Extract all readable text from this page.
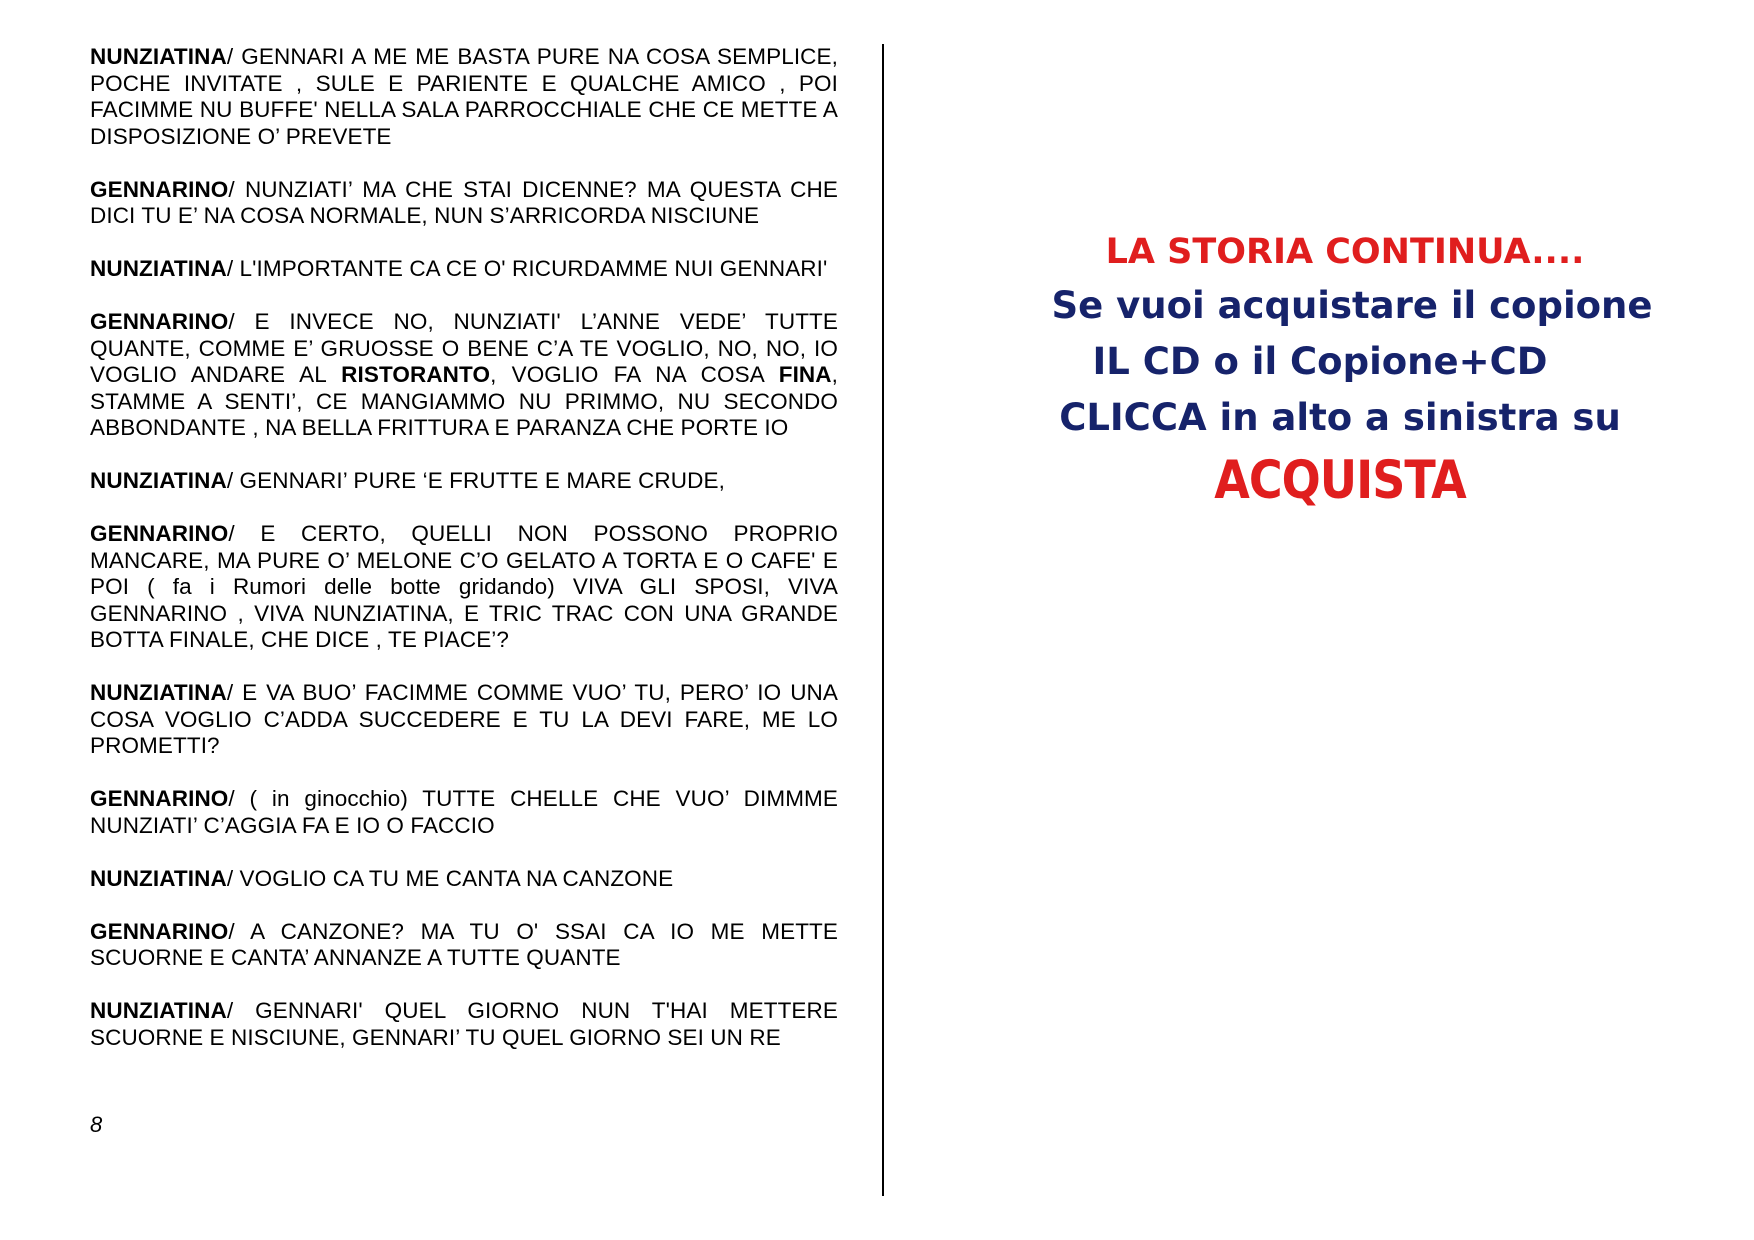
NUNZIATINA/ GENNARI A ME ME BASTA PURE NA COSA SEMPLICE, POCHE INVITATE , SULE E PARIENTE E QUALCHE AMICO , POI FACIMME NU BUFFE' NELLA SALA PARROCCHIALE CHE CE METTE A DISPOSIZIONE O’ PREVETE

GENNARINO/ NUNZIATI’ MA CHE STAI DICENNE? MA QUESTA CHE DICI TU E’ NA COSA NORMALE, NUN S’ARRICORDA NISCIUNE

NUNZIATINA/ L'IMPORTANTE CA CE O' RICURDAMME NUI GENNARI'

GENNARINO/ E INVECE NO, NUNZIATI' L’ANNE VEDE’ TUTTE QUANTE, COMME E’ GRUOSSE O BENE C’A TE VOGLIO, NO, NO, IO VOGLIO ANDARE AL RISTORANTO, VOGLIO FA NA COSA FINA, STAMME A SENTI’, CE MANGIAMMO NU PRIMMO, NU SECONDO ABBONDANTE , NA BELLA FRITTURA E PARANZA CHE PORTE IO

NUNZIATINA/ GENNARI’ PURE ‘E FRUTTE E MARE CRUDE,

GENNARINO/ E CERTO, QUELLI NON POSSONO PROPRIO MANCARE, MA PURE O’ MELONE C’O GELATO A TORTA E O CAFE' E POI ( fa i Rumori delle botte gridando) VIVA GLI SPOSI, VIVA GENNARINO , VIVA NUNZIATINA, E TRIC TRAC CON UNA GRANDE BOTTA FINALE, CHE DICE , TE PIACE’?

NUNZIATINA/ E VA BUO’ FACIMME COMME VUO’ TU, PERO’ IO UNA COSA VOGLIO C’ADDA SUCCEDERE E TU LA DEVI FARE, ME LO PROMETTI?

GENNARINO/ ( in ginocchio) TUTTE CHELLE CHE VUO’ DIMMME NUNZIATI’ C’AGGIA FA E IO O FACCIO

NUNZIATINA/ VOGLIO CA TU ME CANTA NA CANZONE

GENNARINO/ A CANZONE? MA TU O' SSAI CA IO ME METTE SCUORNE E CANTA’ ANNANZE A TUTTE QUANTE

NUNZIATINA/ GENNARI' QUEL GIORNO NUN T'HAI METTERE SCUORNE E NISCIUNE, GENNARI’ TU QUEL GIORNO SEI UN RE

8
LA STORIA CONTINUA....
Se vuoi acquistare il copione
IL CD o il Copione+CD
CLICCA in alto a sinistra su
ACQUISTA
